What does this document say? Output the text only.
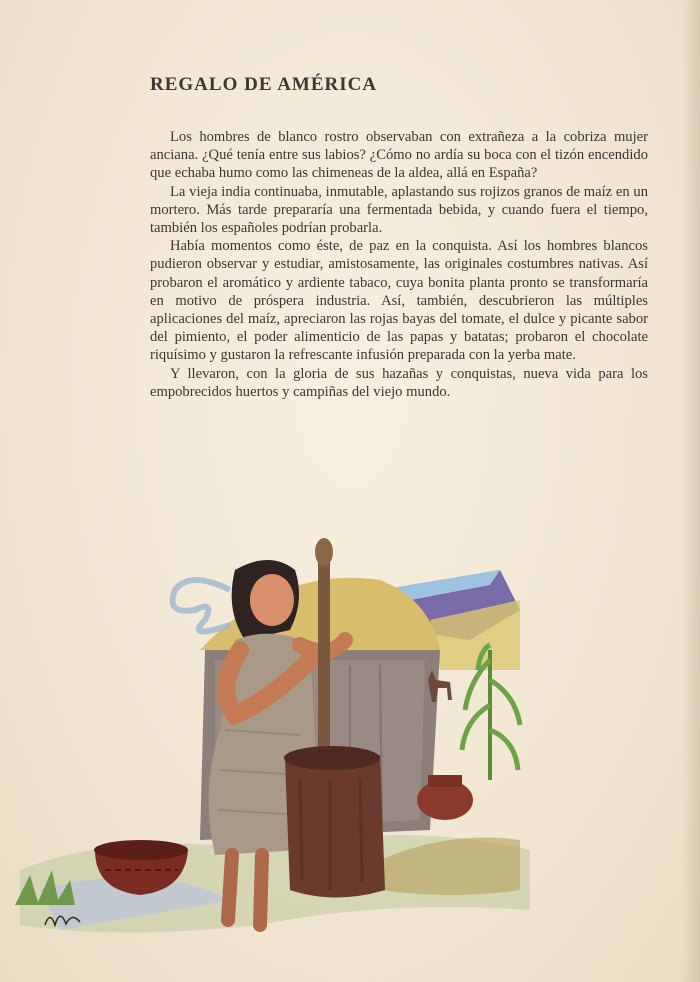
REGALO DE AMÉRICA

Los hombres de blanco rostro observaban con extrañeza a la cobriza mujer anciana. ¿Qué tenía entre sus labios? ¿Cómo no ardía su boca con el tizón encendido que echaba humo como las chimeneas de la aldea, allá en España?

La vieja india continuaba, inmutable, aplastando sus rojizos granos de maíz en un mortero. Más tarde prepararía una fermentada bebida, y cuando fuera el tiempo, también los españoles podrían probarla.

Había momentos como éste, de paz en la conquista. Así los hombres blancos pudieron observar y estudiar, amistosamente, las originales costumbres nativas. Así probaron el aromático y ardiente tabaco, cuya bonita planta pronto se transformaría en motivo de próspera industria. Así, también, descubrieron las múltiples aplicaciones del maíz, apreciaron las rojas bayas del tomate, el dulce y picante sabor del pimiento, el poder alimenticio de las papas y batatas; probaron el chocolate riquísimo y gustaron la refrescante infusión preparada con la yerba mate.

Y llevaron, con la gloria de sus hazañas y conquistas, nueva vida para los empobrecidos huertos y campiñas del viejo mundo.
